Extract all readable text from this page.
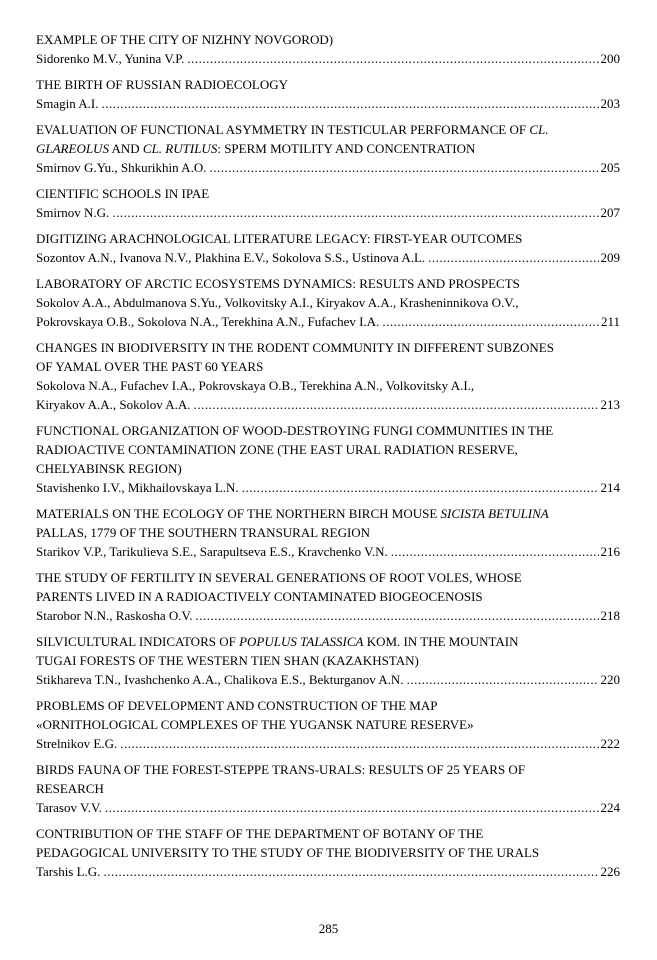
EXAMPLE OF THE CITY OF NIZHNY NOVGOROD)
Sidorenko M.V., Yunina V.P. .....	200
THE BIRTH OF RUSSIAN RADIOECOLOGY
Smagin A.I. .....	203
EVALUATION OF FUNCTIONAL ASYMMETRY IN TESTICULAR PERFORMANCE OF CL.
GLAREOLUS AND CL. RUTILUS: SPERM MOTILITY AND CONCENTRATION
Smirnov G.Yu., Shkurikhin A.O. .....	205
CIENTIFIC SCHOOLS IN IPAE
Smirnov N.G. .....	207
DIGITIZING ARACHNOLOGICAL LITERATURE LEGACY: FIRST-YEAR OUTCOMES
Sozontov A.N., Ivanova N.V., Plakhina E.V., Sokolova S.S., Ustinova A.L. .....	209
LABORATORY OF ARCTIC ECOSYSTEMS DYNAMICS: RESULTS AND PROSPECTS
Sokolov A.A., Abdulmanova S.Yu., Volkovitsky A.I., Kiryakov A.A., Krasheninnikova O.V.,
Pokrovskaya O.B., Sokolova N.A., Terekhina A.N., Fufachev I.A. .....	211
CHANGES IN BIODIVERSITY IN THE RODENT COMMUNITY IN DIFFERENT SUBZONES
OF YAMAL OVER THE PAST 60 YEARS
Sokolova N.A., Fufachev I.A., Pokrovskaya O.B., Terekhina A.N., Volkovitsky A.I.,
Kiryakov A.A., Sokolov A.A. .....	213
FUNCTIONAL ORGANIZATION OF WOOD-DESTROYING FUNGI COMMUNITIES IN THE
RADIOACTIVE CONTAMINATION ZONE (THE EAST URAL RADIATION RESERVE,
CHELYABINSK REGION)
Stavishenko I.V., Mikhailovskaya L.N. .....	214
MATERIALS ON THE ECOLOGY OF THE NORTHERN BIRCH MOUSE SICISTA BETULINA
PALLAS, 1779 OF THE SOUTHERN TRANSURAL REGION
Starikov V.P., Tarikulieva S.E., Sarapultseva E.S., Kravchenko V.N. .....	216
THE STUDY OF FERTILITY IN SEVERAL GENERATIONS OF ROOT VOLES, WHOSE
PARENTS LIVED IN A RADIOACTIVELY CONTAMINATED BIOGEOCENOSIS
Starobor N.N., Raskosha O.V. .....	218
SILVICULTURAL INDICATORS OF POPULUS TALASSICA KOM. IN THE MOUNTAIN
TUGAI FORESTS OF THE WESTERN TIEN SHAN (KAZAKHSTAN)
Stikhareva T.N., Ivashchenko A.A., Chalikova E.S., Bekturganov A.N. .....	220
PROBLEMS OF DEVELOPMENT AND CONSTRUCTION OF THE MAP
«ORNITHOLOGICAL COMPLEXES OF THE YUGANSK NATURE RESERVE»
Strelnikov E.G. .....	222
BIRDS FAUNA OF THE FOREST-STEPPE TRANS-URALS: RESULTS OF 25 YEARS OF
RESEARCH
Tarasov V.V. .....	224
CONTRIBUTION OF THE STAFF OF THE DEPARTMENT OF BOTANY OF THE
PEDAGOGICAL UNIVERSITY TO THE STUDY OF THE BIODIVERSITY OF THE URALS
Tarshis L.G. .....	226
285
